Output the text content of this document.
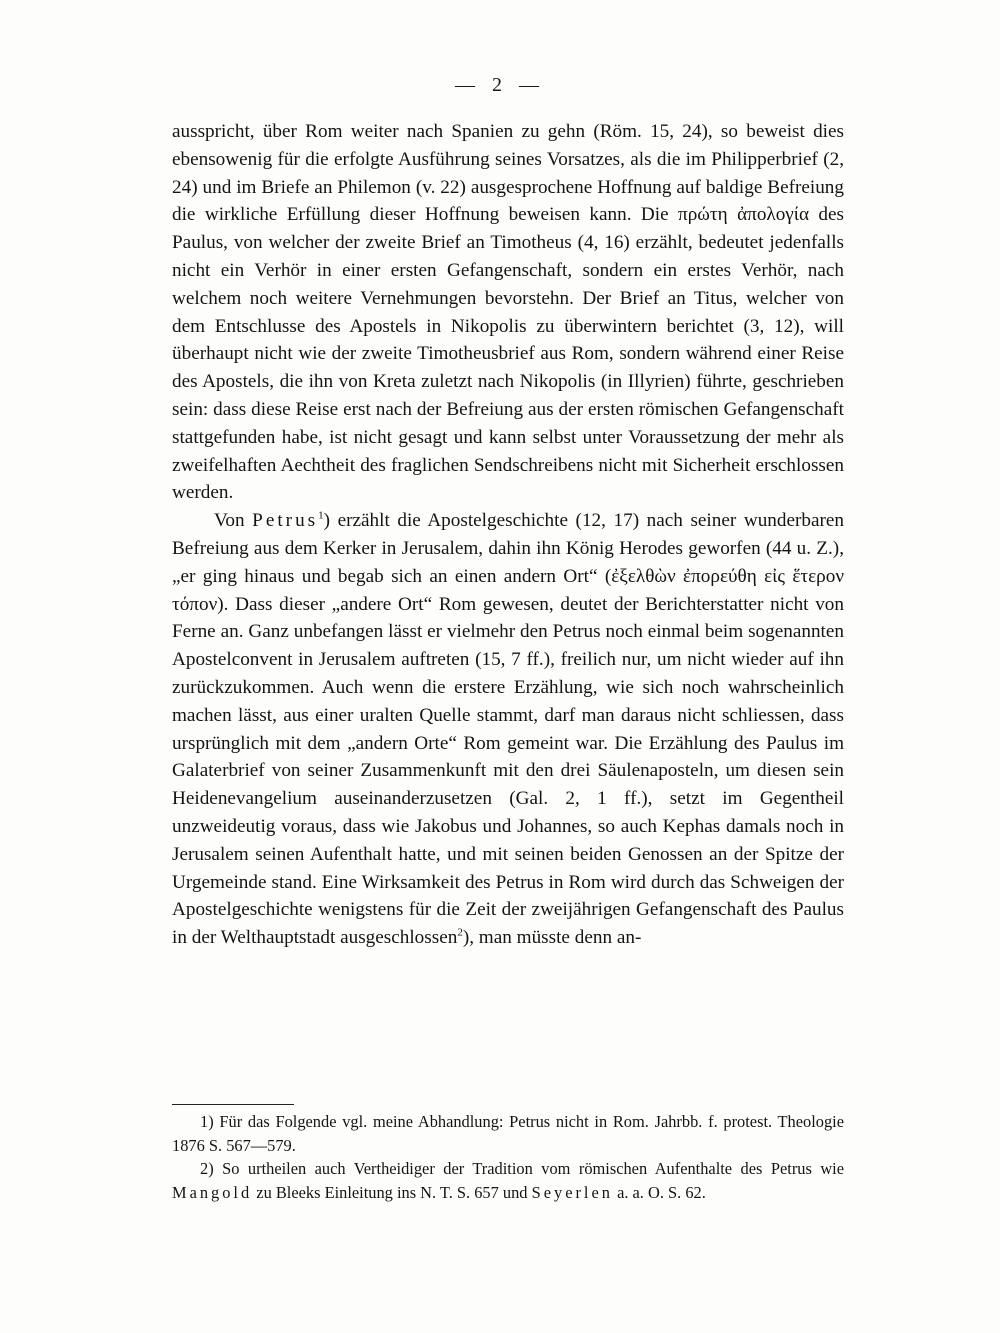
— 2 —

ausspricht, über Rom weiter nach Spanien zu gehn (Röm. 15, 24), so beweist dies ebensowenig für die erfolgte Ausführung seines Vorsatzes, als die im Philipperbrief (2, 24) und im Briefe an Philemon (v. 22) ausgesprochene Hoffnung auf baldige Befreiung die wirkliche Erfüllung dieser Hoffnung beweisen kann. Die πρώτη ἀπολογία des Paulus, von welcher der zweite Brief an Timotheus (4, 16) erzählt, bedeutet jedenfalls nicht ein Verhör in einer ersten Gefangenschaft, sondern ein erstes Verhör, nach welchem noch weitere Vernehmungen bevorstehn. Der Brief an Titus, welcher von dem Entschlusse des Apostels in Nikopolis zu überwintern berichtet (3, 12), will überhaupt nicht wie der zweite Timotheusbrief aus Rom, sondern während einer Reise des Apostels, die ihn von Kreta zuletzt nach Nikopolis (in Illyrien) führte, geschrieben sein: dass diese Reise erst nach der Befreiung aus der ersten römischen Gefangenschaft stattgefunden habe, ist nicht gesagt und kann selbst unter Voraussetzung der mehr als zweifelhaften Aechtheit des fraglichen Sendschreibens nicht mit Sicherheit erschlossen werden.

Von Petrus$^1$) erzählt die Apostelgeschichte (12, 17) nach seiner wunderbaren Befreiung aus dem Kerker in Jerusalem, dahin ihn König Herodes geworfen (44 u. Z.), „er ging hinaus und begab sich an einen andern Ort“ (ἐξελθὼν ἐπορεύθη εἰς ἕτερον τόπον). Dass dieser „andere Ort“ Rom gewesen, deutet der Berichterstatter nicht von Ferne an. Ganz unbefangen lässt er vielmehr den Petrus noch einmal beim sogenannten Apostelconvent in Jerusalem auftreten (15, 7 ff.), freilich nur, um nicht wieder auf ihn zurückzukommen. Auch wenn die erstere Erzählung, wie sich noch wahrscheinlich machen lässt, aus einer uralten Quelle stammt, darf man daraus nicht schliessen, dass ursprünglich mit dem „andern Orte“ Rom gemeint war. Die Erzählung des Paulus im Galaterbrief von seiner Zusammenkunft mit den drei Säulenaposteln, um diesen sein Heidenevangelium auseinanderzusetzen (Gal. 2, 1 ff.), setzt im Gegentheil unzweideutig voraus, dass wie Jakobus und Johannes, so auch Kephas damals noch in Jerusalem seinen Aufenthalt hatte, und mit seinen beiden Genossen an der Spitze der Urgemeinde stand. Eine Wirksamkeit des Petrus in Rom wird durch das Schweigen der Apostelgeschichte wenigstens für die Zeit der zweijährigen Gefangenschaft des Paulus in der Welthauptstadt ausgeschlossen$^2$), man müsste denn an-

1) Für das Folgende vgl. meine Abhandlung: Petrus nicht in Rom. Jahrbb. f. protest. Theologie 1876 S. 567—579.

2) So urtheilen auch Vertheidiger der Tradition vom römischen Aufenthalte des Petrus wie Mangold zu Bleeks Einleitung ins N. T. S. 657 und Seyerlen a. a. O. S. 62.
